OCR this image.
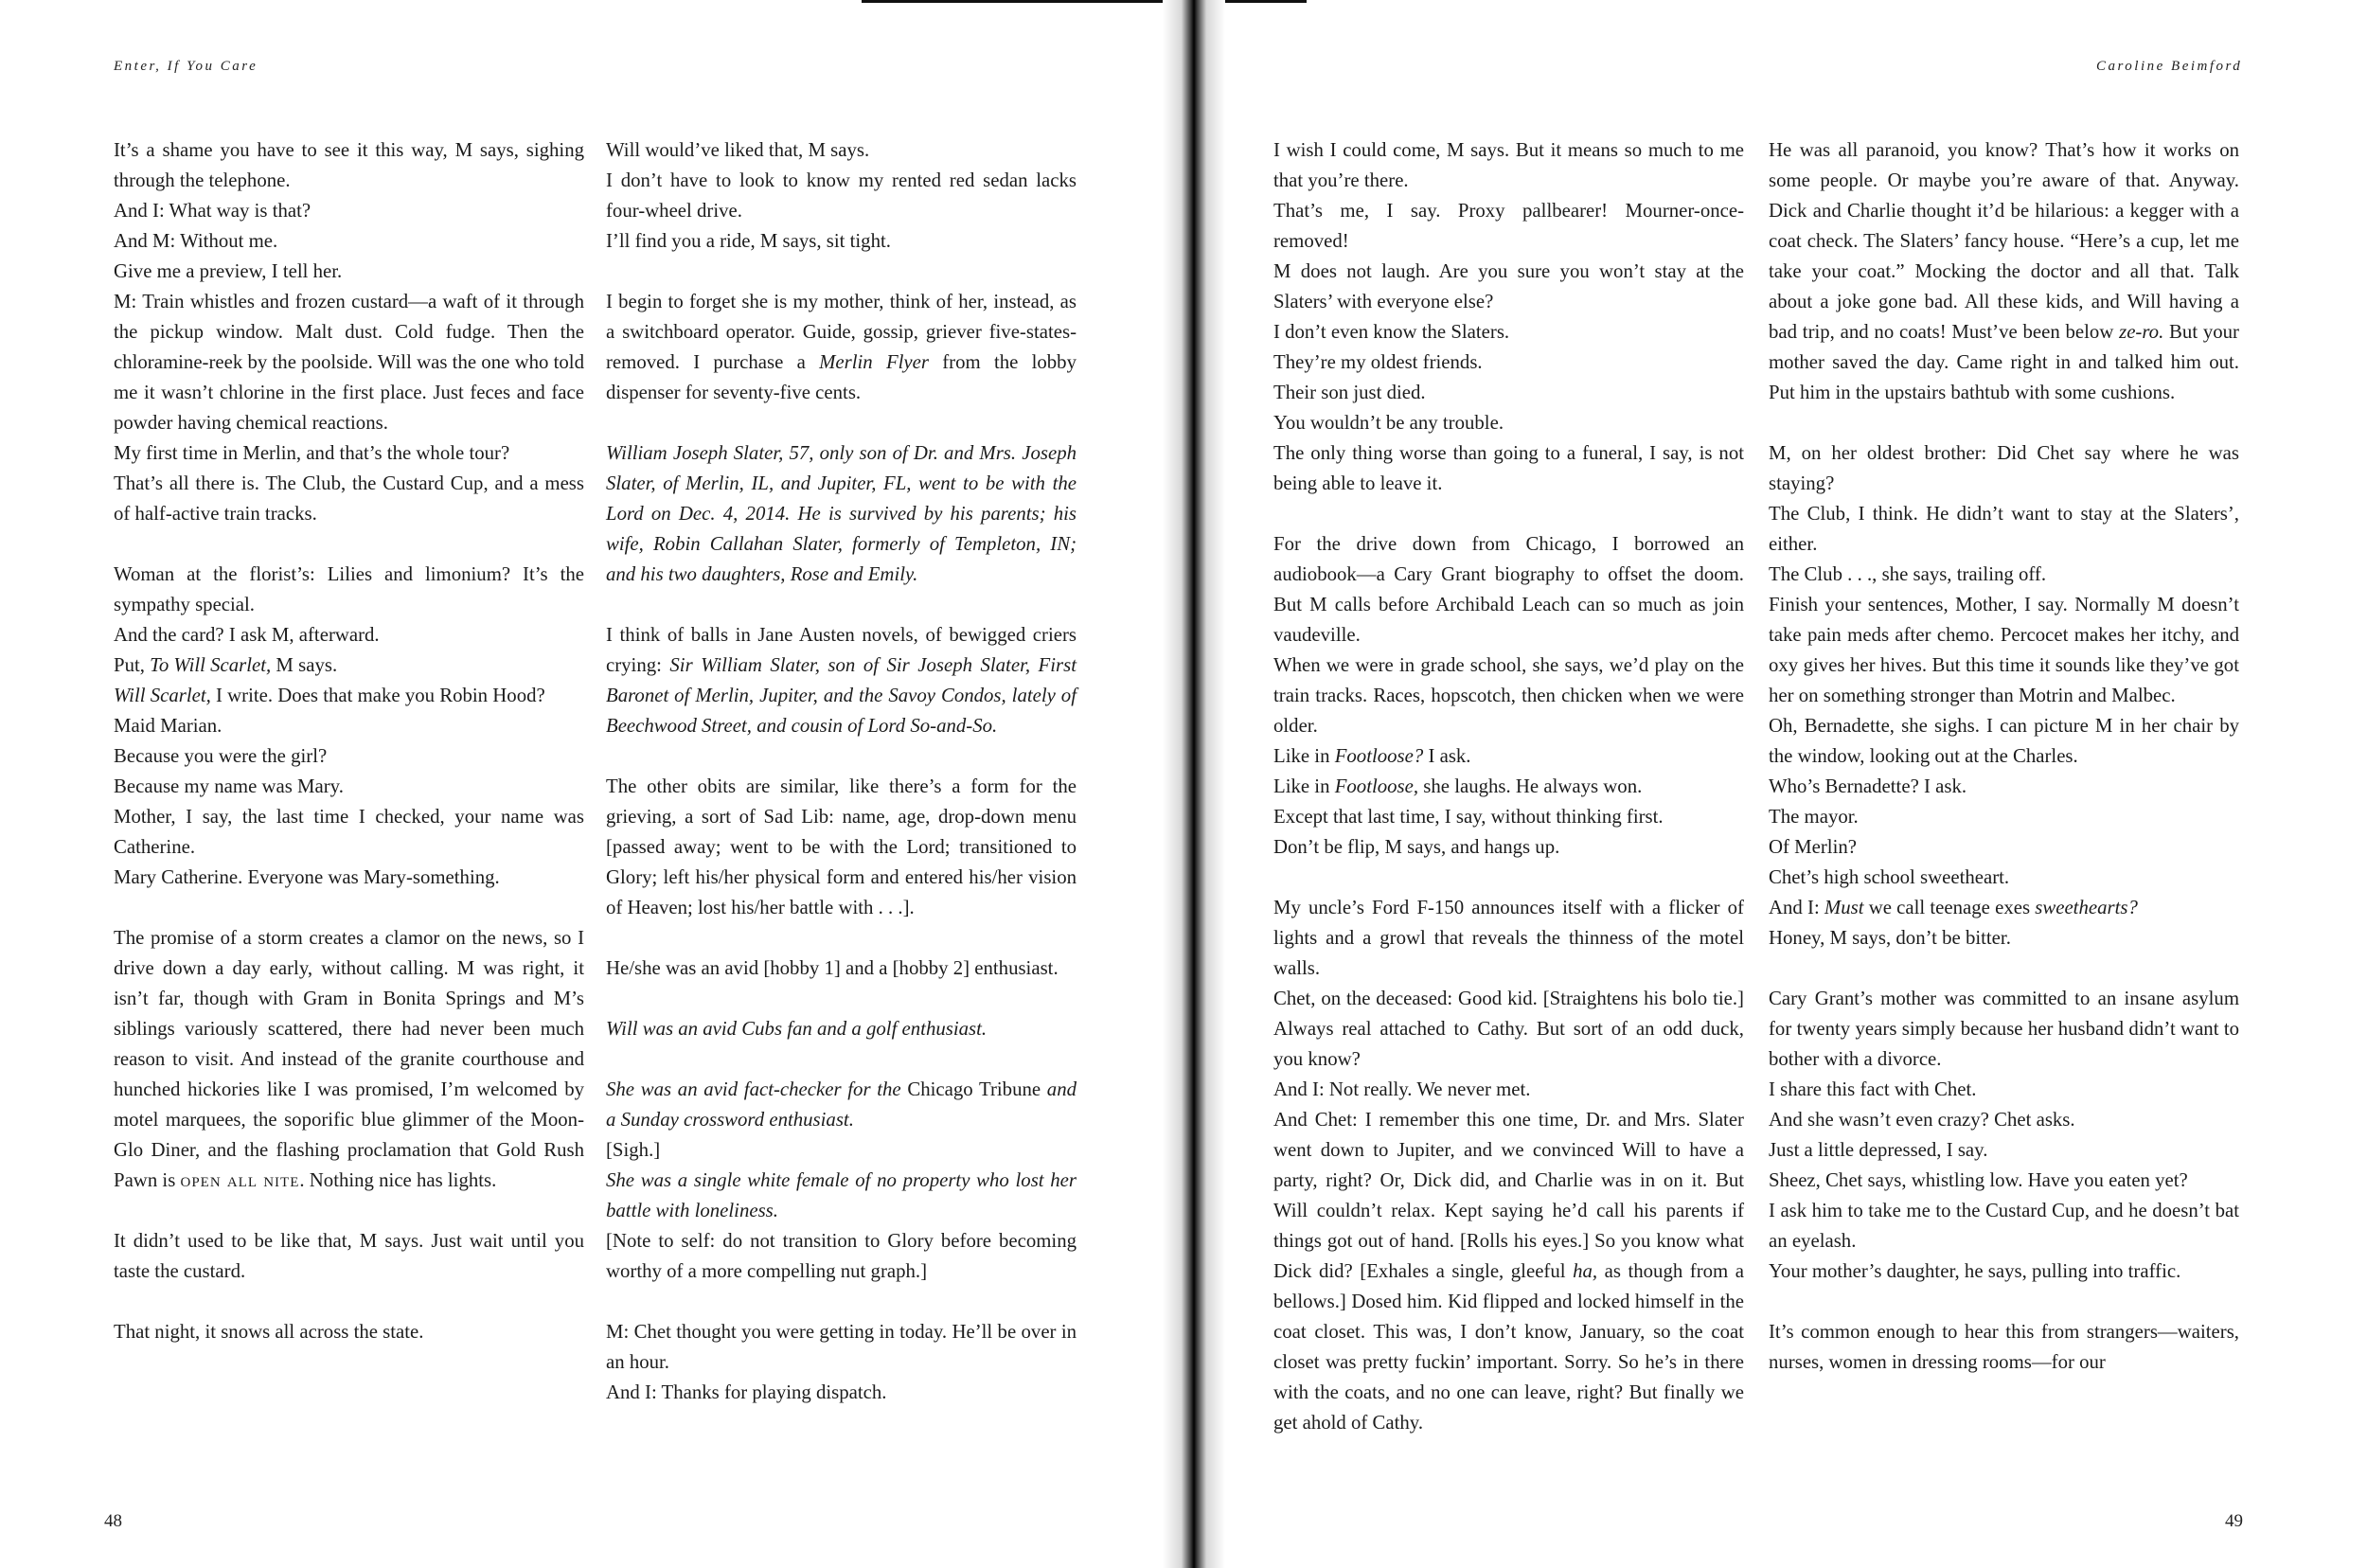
Enter, If You Care	Caroline Beimford

It’s a shame you have to see it this way, M says, sighing through the telephone.

And I: What way is that?

And M: Without me.

Give me a preview, I tell her.

M: Train whistles and frozen custard—a waft of it through the pickup window. Malt dust. Cold fudge. Then the chloramine-reek by the poolside. Will was the one who told me it wasn’t chlorine in the first place. Just feces and face powder having chemical reactions.

My first time in Merlin, and that’s the whole tour?

That’s all there is. The Club, the Custard Cup, and a mess of half-active train tracks.

Woman at the florist’s: Lilies and limonium? It’s the sympathy special.

And the card? I ask M, afterward.

Put, To Will Scarlet, M says.

Will Scarlet, I write. Does that make you Robin Hood?

Maid Marian.

Because you were the girl?

Because my name was Mary.

Mother, I say, the last time I checked, your name was Catherine.

Mary Catherine. Everyone was Mary-something.

The promise of a storm creates a clamor on the news, so I drive down a day early, without calling. M was right, it isn’t far, though with Gram in Bonita Springs and M’s siblings variously scattered, there had never been much reason to visit. And instead of the granite courthouse and hunched hickories like I was promised, I’m welcomed by motel marquees, the soporific blue glimmer of the Moon-Glo Diner, and the flashing proclamation that Gold Rush Pawn is open all nite. Nothing nice has lights.

It didn’t used to be like that, M says. Just wait until you taste the custard.

That night, it snows all across the state.

Will would’ve liked that, M says.

I don’t have to look to know my rented red sedan lacks four-wheel drive.

I’ll find you a ride, M says, sit tight.

I begin to forget she is my mother, think of her, instead, as a switchboard operator. Guide, gossip, griever five-states-removed. I purchase a Merlin Flyer from the lobby dispenser for seventy-five cents.

William Joseph Slater, 57, only son of Dr. and Mrs. Joseph Slater, of Merlin, IL, and Jupiter, FL, went to be with the Lord on Dec. 4, 2014. He is survived by his parents; his wife, Robin Callahan Slater, formerly of Templeton, IN; and his two daughters, Rose and Emily.

I think of balls in Jane Austen novels, of bewigged criers crying: Sir William Slater, son of Sir Joseph Slater, First Baronet of Merlin, Jupiter, and the Savoy Condos, lately of Beechwood Street, and cousin of Lord So-and-So.

The other obits are similar, like there’s a form for the grieving, a sort of Sad Lib: name, age, drop-down menu [passed away; went to be with the Lord; transitioned to Glory; left his/her physical form and entered his/her vision of Heaven; lost his/her battle with . . .].

He/she was an avid [hobby 1] and a [hobby 2] enthusiast.

Will was an avid Cubs fan and a golf enthusiast.

She was an avid fact-checker for the Chicago Tribune and a Sunday crossword enthusiast.

[Sigh.]

She was a single white female of no property who lost her battle with loneliness.

[Note to self: do not transition to Glory before becoming worthy of a more compelling nut graph.]

M: Chet thought you were getting in today. He’ll be over in an hour.

And I: Thanks for playing dispatch.

I wish I could come, M says. But it means so much to me that you’re there.

That’s me, I say. Proxy pallbearer! Mourner-once-removed!

M does not laugh. Are you sure you won’t stay at the Slaters’ with everyone else?

I don’t even know the Slaters.

They’re my oldest friends.

Their son just died.

You wouldn’t be any trouble.

The only thing worse than going to a funeral, I say, is not being able to leave it.

For the drive down from Chicago, I borrowed an audiobook—a Cary Grant biography to offset the doom. But M calls before Archibald Leach can so much as join vaudeville.

When we were in grade school, she says, we’d play on the train tracks. Races, hopscotch, then chicken when we were older.

Like in Footloose? I ask.

Like in Footloose, she laughs. He always won.

Except that last time, I say, without thinking first.

Don’t be flip, M says, and hangs up.

My uncle’s Ford F-150 announces itself with a flicker of lights and a growl that reveals the thinness of the motel walls.

Chet, on the deceased: Good kid. [Straightens his bolo tie.] Always real attached to Cathy. But sort of an odd duck, you know?

And I: Not really. We never met.

And Chet: I remember this one time, Dr. and Mrs. Slater went down to Jupiter, and we convinced Will to have a party, right? Or, Dick did, and Charlie was in on it. But Will couldn’t relax. Kept saying he’d call his parents if things got out of hand. [Rolls his eyes.] So you know what Dick did? [Exhales a single, gleeful ha, as though from a bellows.] Dosed him. Kid flipped and locked himself in the coat closet. This was, I don’t know, January, so the coat closet was pretty fuckin’ important. Sorry. So he’s in there with the coats, and no one can leave, right? But finally we get ahold of Cathy.

He was all paranoid, you know? That’s how it works on some people. Or maybe you’re aware of that. Anyway. Dick and Charlie thought it’d be hilarious: a kegger with a coat check. The Slaters’ fancy house. “Here’s a cup, let me take your coat.” Mocking the doctor and all that. Talk about a joke gone bad. All these kids, and Will having a bad trip, and no coats! Must’ve been below ze-ro. But your mother saved the day. Came right in and talked him out. Put him in the upstairs bathtub with some cushions.

M, on her oldest brother: Did Chet say where he was staying?

The Club, I think. He didn’t want to stay at the Slaters’, either.

The Club . . ., she says, trailing off.

Finish your sentences, Mother, I say. Normally M doesn’t take pain meds after chemo. Percocet makes her itchy, and oxy gives her hives. But this time it sounds like they’ve got her on something stronger than Motrin and Malbec.

Oh, Bernadette, she sighs. I can picture M in her chair by the window, looking out at the Charles.

Who’s Bernadette? I ask.

The mayor.

Of Merlin?

Chet’s high school sweetheart.

And I: Must we call teenage exes sweethearts?

Honey, M says, don’t be bitter.

Cary Grant’s mother was committed to an insane asylum for twenty years simply because her husband didn’t want to bother with a divorce.

I share this fact with Chet.

And she wasn’t even crazy? Chet asks.

Just a little depressed, I say.

Sheez, Chet says, whistling low. Have you eaten yet?

I ask him to take me to the Custard Cup, and he doesn’t bat an eyelash.

Your mother’s daughter, he says, pulling into traffic.

It’s common enough to hear this from strangers—waiters, nurses, women in dressing rooms—for our

48	49
